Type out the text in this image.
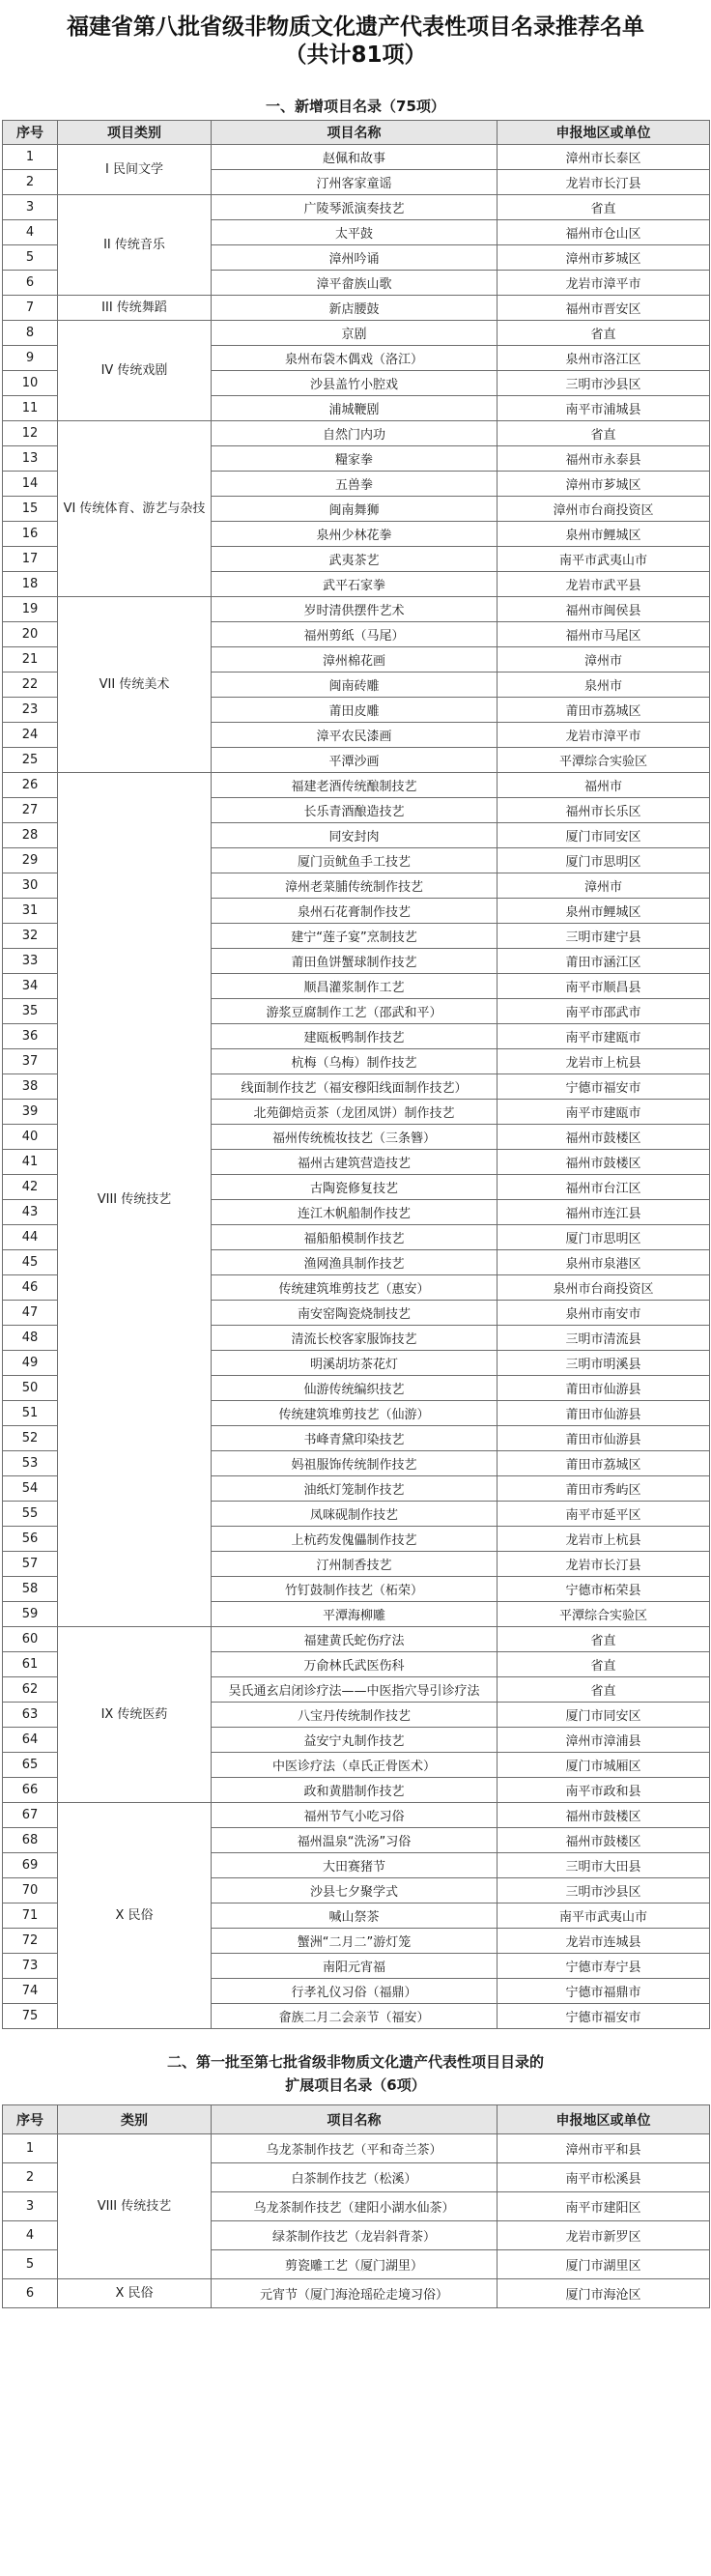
福建省第八批省级非物质文化遗产代表性项目名录推荐名单
（共计81项）
一、新增项目名录（75项）
序号	项目类别	项目名称	申报地区或单位
1	I 民间文学	赵佩和故事	漳州市长泰区
2		汀州客家童谣	龙岩市长汀县
3	II 传统音乐	广陵琴派演奏技艺	省直
4		太平鼓	福州市仓山区
5		漳州吟诵	漳州市芗城区
6		漳平畲族山歌	龙岩市漳平市
7	III 传统舞蹈	新店腰鼓	福州市晋安区
8	IV 传统戏剧	京剧	省直
9		泉州布袋木偶戏（洛江）	泉州市洛江区
10		沙县盖竹小腔戏	三明市沙县区
11		浦城鞭剧	南平市浦城县
12	VI 传统体育、游艺与杂技	自然门内功	省直
13		糧家拳	福州市永泰县
14		五兽拳	漳州市芗城区
15		闽南舞狮	漳州市台商投资区
16		泉州少林花拳	泉州市鲤城区
17		武夷茶艺	南平市武夷山市
18		武平石家拳	龙岩市武平县
19	VII 传统美术	岁时清供摆件艺术	福州市闽侯县
20		福州剪纸（马尾）	福州市马尾区
21		漳州棉花画	漳州市
22		闽南砖雕	泉州市
23		莆田皮雕	莆田市荔城区
24		漳平农民漆画	龙岩市漳平市
25		平潭沙画	平潭综合实验区
26	VIII 传统技艺	福建老酒传统酿制技艺	福州市
27		长乐青酒酿造技艺	福州市长乐区
28		同安封肉	厦门市同安区
29		厦门贡鱿鱼手工技艺	厦门市思明区
30		漳州老菜脯传统制作技艺	漳州市
31		泉州石花膏制作技艺	泉州市鲤城区
32		建宁“莲子宴”烹制技艺	三明市建宁县
33		莆田鱼饼蟹球制作技艺	莆田市涵江区
34		顺昌灌浆制作工艺	南平市顺昌县
35		游浆豆腐制作工艺（邵武和平）	南平市邵武市
36		建瓯板鸭制作技艺	南平市建瓯市
37		杭梅（乌梅）制作技艺	龙岩市上杭县
38		线面制作技艺（福安穆阳线面制作技艺）	宁德市福安市
39		北苑御焙贡茶（龙团凤饼）制作技艺	南平市建瓯市
40		福州传统梳妆技艺（三条簪）	福州市鼓楼区
41		福州古建筑营造技艺	福州市鼓楼区
42		古陶瓷修复技艺	福州市台江区
43		连江木帆船制作技艺	福州市连江县
44		福船船模制作技艺	厦门市思明区
45		渔网渔具制作技艺	泉州市泉港区
46		传统建筑堆剪技艺（惠安）	泉州市台商投资区
47		南安窑陶瓷烧制技艺	泉州市南安市
48		清流长校客家服饰技艺	三明市清流县
49		明溪胡坊茶花灯	三明市明溪县
50		仙游传统编织技艺	莆田市仙游县
51		传统建筑堆剪技艺（仙游）	莆田市仙游县
52		书峰青黛印染技艺	莆田市仙游县
53		妈祖服饰传统制作技艺	莆田市荔城区
54		油纸灯笼制作技艺	莆田市秀屿区
55		凤咪砚制作技艺	南平市延平区
56		上杭药发傀儡制作技艺	龙岩市上杭县
57		汀州制香技艺	龙岩市长汀县
58		竹钉鼓制作技艺（柘荣）	宁德市柘荣县
59		平潭海柳雕	平潭综合实验区
60	IX 传统医药	福建黄氏蛇伤疗法	省直
61		万俞林氏武医伤科	省直
62		吴氏通玄启闭诊疗法——中医指穴导引诊疗法	省直
63		八宝丹传统制作技艺	厦门市同安区
64		益安宁丸制作技艺	漳州市漳浦县
65		中医诊疗法（卓氏正骨医术）	厦门市城厢区
66		政和黄腊制作技艺	南平市政和县
67	X 民俗	福州节气小吃习俗	福州市鼓楼区
68		福州温泉“洗汤”习俗	福州市鼓楼区
69		大田赛猪节	三明市大田县
70		沙县七夕聚学式	三明市沙县区
71		喊山祭茶	南平市武夷山市
72		蟹洲“二月二”游灯笼	龙岩市连城县
73		南阳元宵福	宁德市寿宁县
74		行孝礼仪习俗（福鼎）	宁德市福鼎市
75		畲族二月二会亲节（福安）	宁德市福安市
二、第一批至第七批省级非物质文化遗产代表性项目目录的
扩展项目名录（6项）
序号	类别	项目名称	申报地区或单位
1	VIII 传统技艺	乌龙茶制作技艺（平和奇兰茶）	漳州市平和县
2		白茶制作技艺（松溪）	南平市松溪县
3		乌龙茶制作技艺（建阳小湖水仙茶）	南平市建阳区
4		绿茶制作技艺（龙岩斜背茶）	龙岩市新罗区
5		剪瓷雕工艺（厦门湖里）	厦门市湖里区
6	X 民俗	元宵节（厦门海沧瑶砼走境习俗）	厦门市海沧区
